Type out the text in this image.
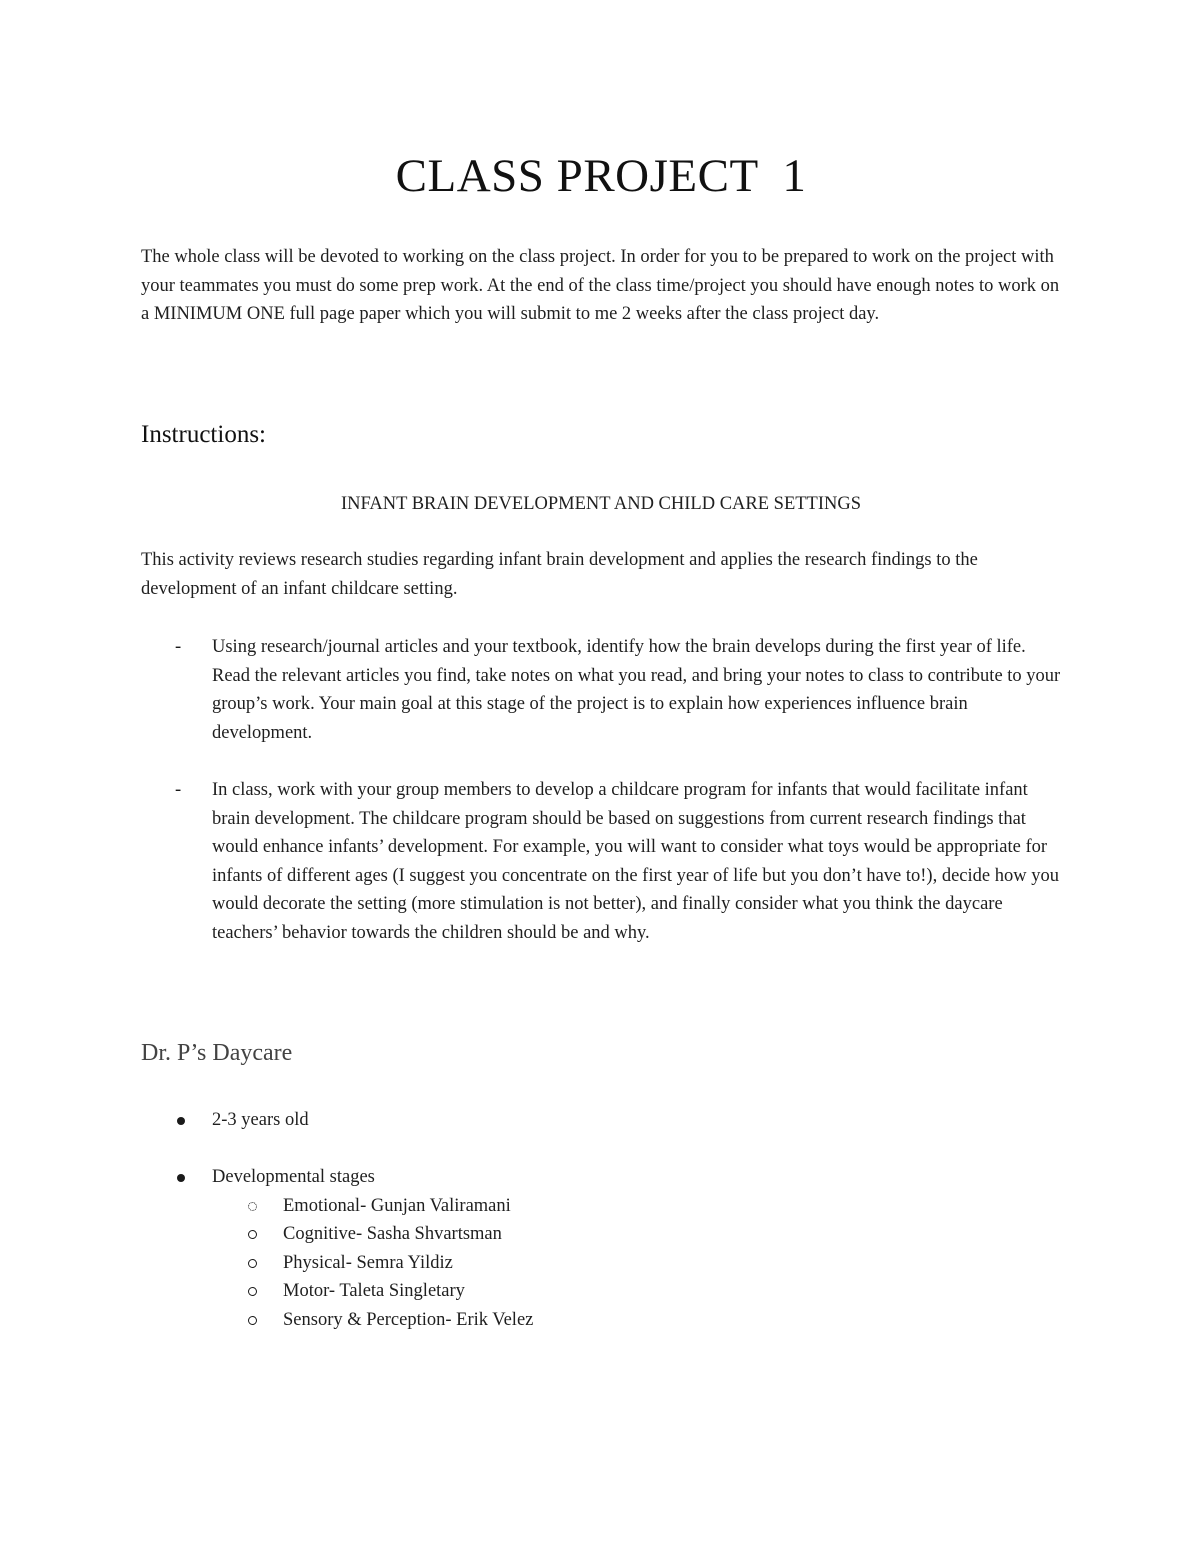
CLASS PROJECT  1

The whole class will be devoted to working on the class project. In order for you to be prepared to work on the project with your teammates you must do some prep work. At the end of the class time/project you should have enough notes to work on a MINIMUM ONE full page paper which you will submit to me 2 weeks after the class project day.

Instructions:

INFANT BRAIN DEVELOPMENT AND CHILD CARE SETTINGS

This activity reviews research studies regarding infant brain development and applies the research findings to the development of an infant childcare setting.

- Using research/journal articles and your textbook, identify how the brain develops during the first year of life. Read the relevant articles you find, take notes on what you read, and bring your notes to class to contribute to your group’s work. Your main goal at this stage of the project is to explain how experiences influence brain development.

- In class, work with your group members to develop a childcare program for infants that would facilitate infant brain development. The childcare program should be based on suggestions from current research findings that would enhance infants’ development. For example, you will want to consider what toys would be appropriate for infants of different ages (I suggest you concentrate on the first year of life but you don’t have to!), decide how you would decorate the setting (more stimulation is not better), and finally consider what you think the daycare teachers’ behavior towards the children should be and why.

Dr. P’s Daycare
2-3 years old
Developmental stages
Emotional- Gunjan Valiramani
Cognitive- Sasha Shvartsman
Physical- Semra Yildiz
Motor- Taleta Singletary
Sensory & Perception- Erik Velez
